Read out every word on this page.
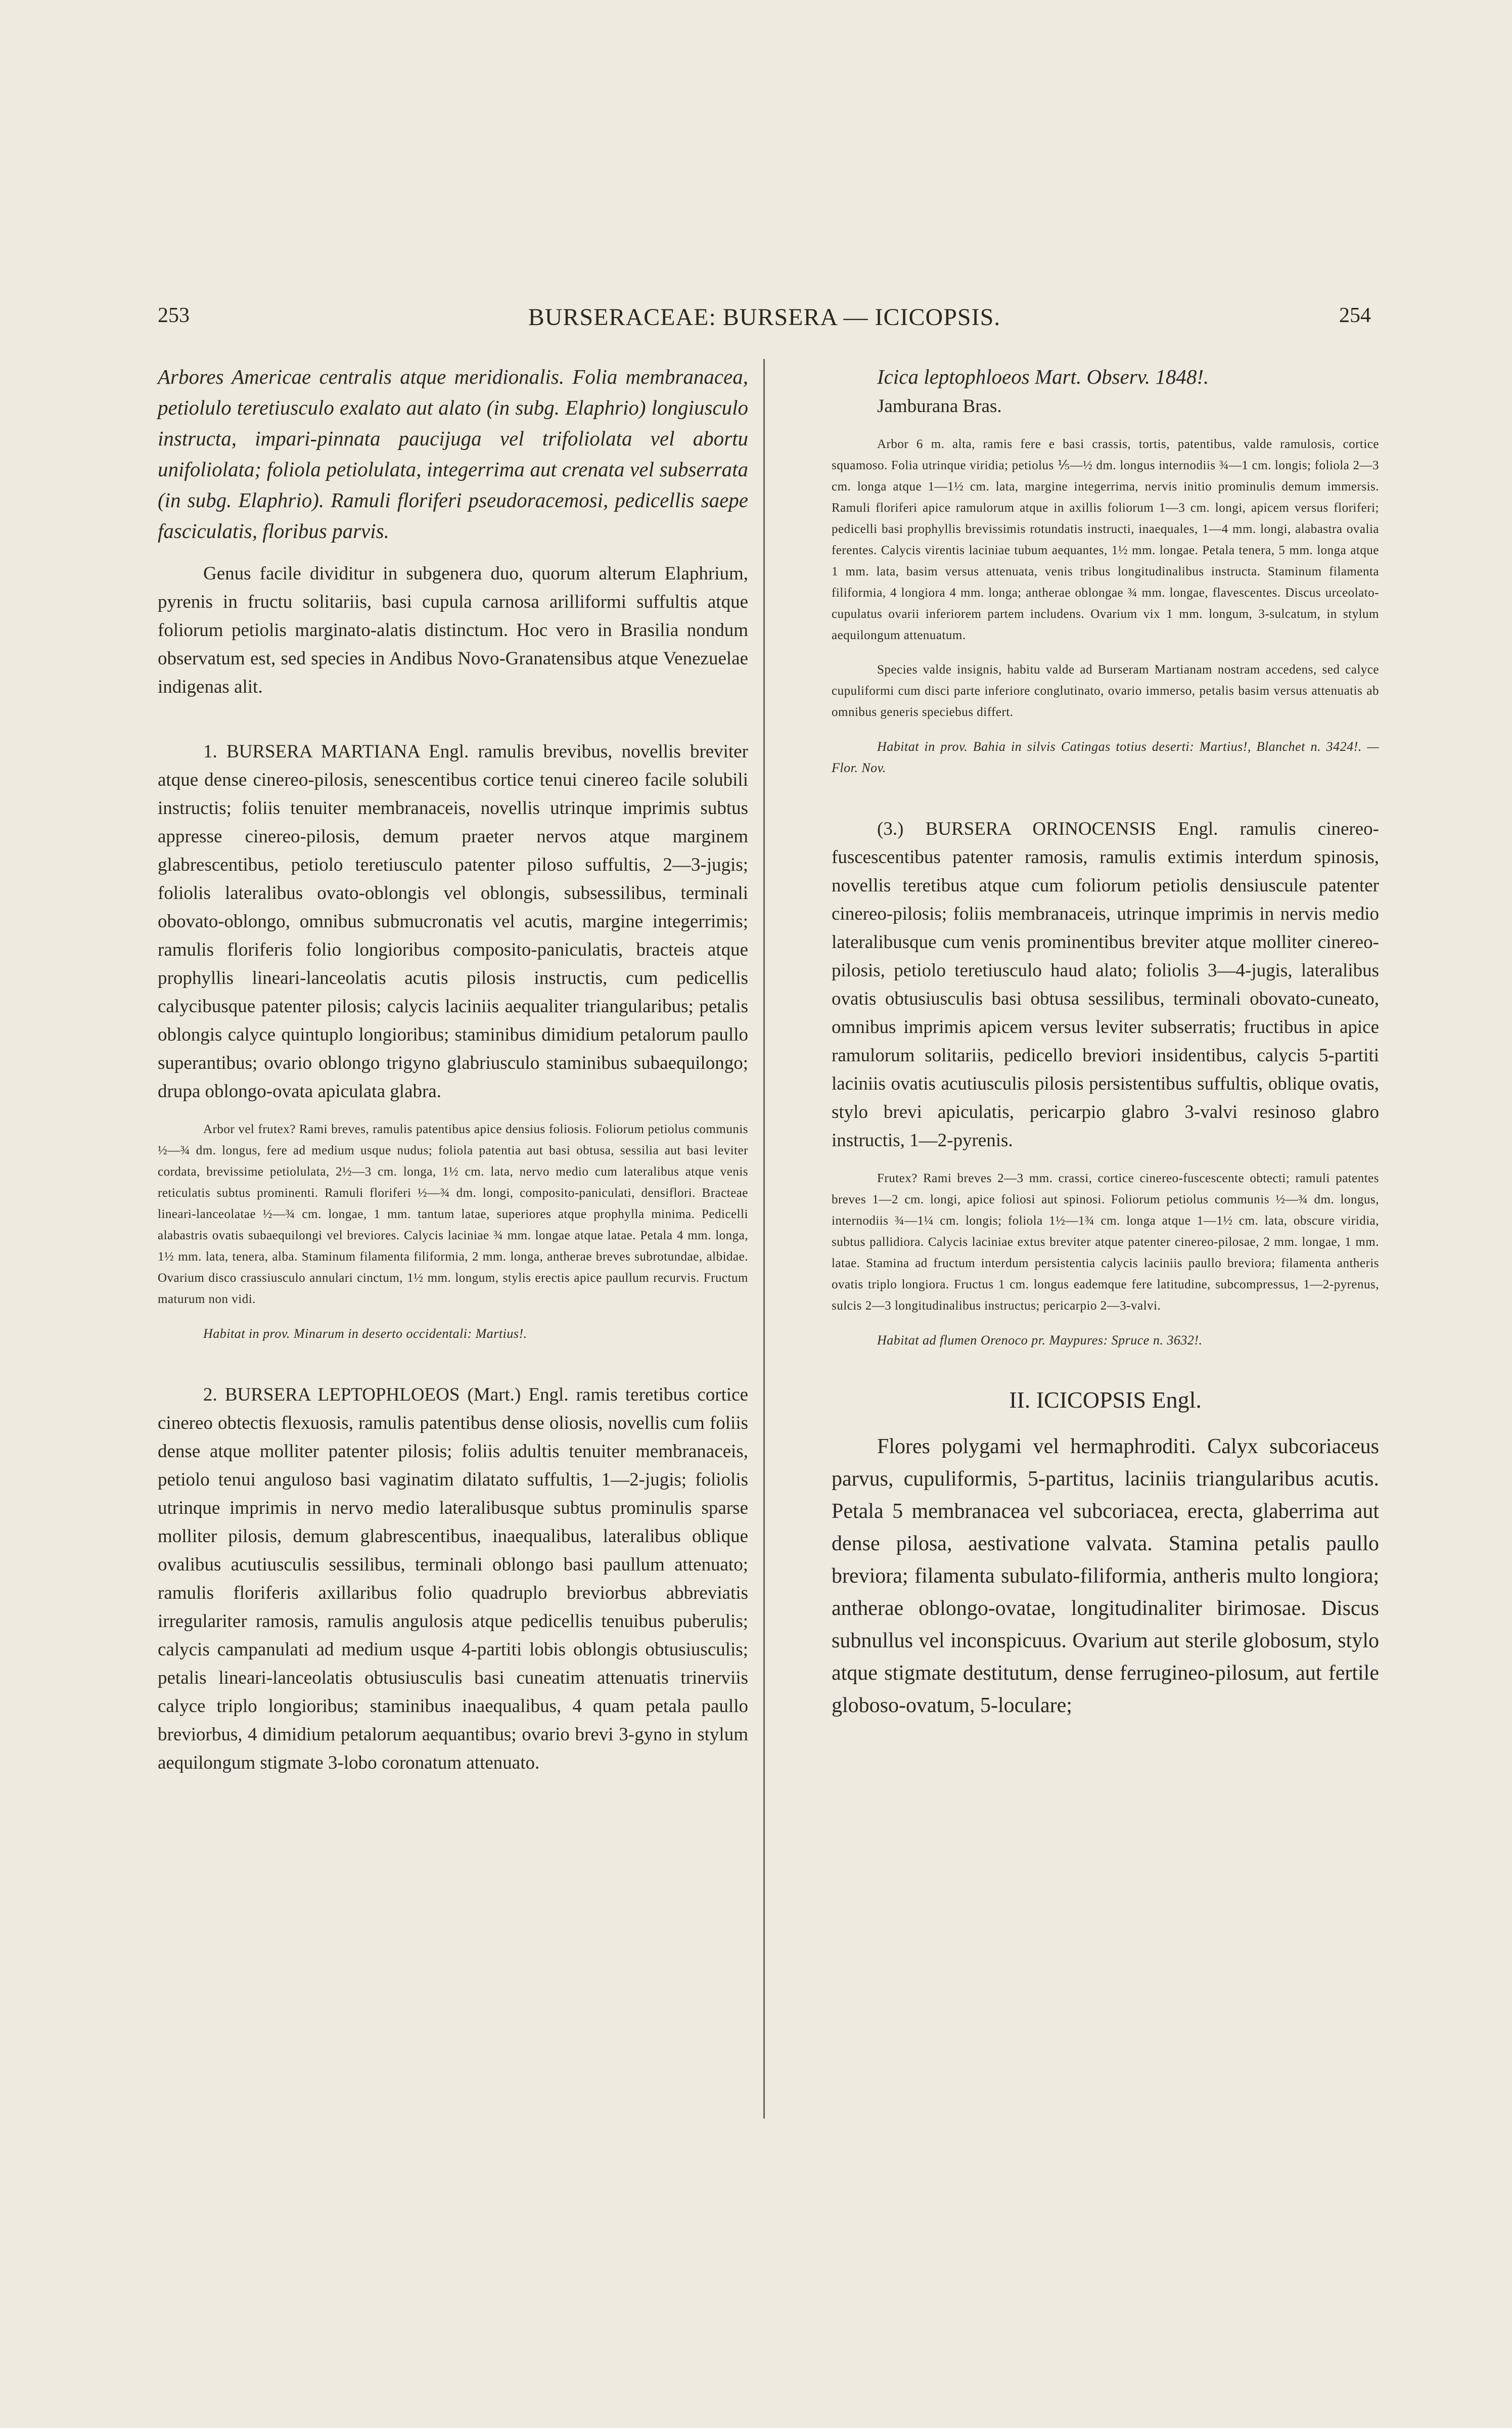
253	BURSERACEAE: BURSERA — ICICOPSIS.	254

Arbores Americae centralis atque meridionalis. Folia membranacea, petiolulo teretiusculo exalato aut alato (in subg. Elaphrio) longiusculo instructa, impari-pinnata paucijuga vel trifoliolata vel abortu unifoliolata; foliola petiolulata, integerrima aut crenata vel subserrata (in subg. Elaphrio). Ramuli floriferi pseudoracemosi, pedicellis saepe fasciculatis, floribus parvis.

Genus facile dividitur in subgenera duo, quorum alterum Elaphrium, pyrenis in fructu solitariis, basi cupula carnosa arilliformi suffultis atque foliorum petiolis marginato-alatis distinctum. Hoc vero in Brasilia nondum observatum est, sed species in Andibus Novo-Granatensibus atque Venezuelae indigenas alit.

1. BURSERA MARTIANA Engl. ramulis brevibus, novellis breviter atque dense cinereo-pilosis, senescentibus cortice tenui cinereo facile solubili instructis; foliis tenuiter membranaceis, novellis utrinque imprimis subtus appresse cinereo-pilosis, demum praeter nervos atque marginem glabrescentibus, petiolo teretiusculo patenter piloso suffultis, 2—3-jugis; foliolis lateralibus ovato-oblongis vel oblongis, subsessilibus, terminali obovato-oblongo, omnibus submucronatis vel acutis, margine integerrimis; ramulis floriferis folio longioribus composito-paniculatis, bracteis atque prophyllis lineari-lanceolatis acutis pilosis instructis, cum pedicellis calycibusque patenter pilosis; calycis laciniis aequaliter triangularibus; petalis oblongis calyce quintuplo longioribus; staminibus dimidium petalorum paullo superantibus; ovario oblongo trigyno glabriusculo staminibus subaequilongo; drupa oblongo-ovata apiculata glabra.

Arbor vel frutex? Rami breves, ramulis patentibus apice densius foliosis. Foliorum petiolus communis ½—¾ dm. longus, fere ad medium usque nudus; foliola patentia aut basi obtusa, sessilia aut basi leviter cordata, brevissime petiolulata, 2½—3 cm. longa, 1½ cm. lata, nervo medio cum lateralibus atque venis reticulatis subtus prominenti. Ramuli floriferi ½—¾ dm. longi, composito-paniculati, densiflori. Bracteae lineari-lanceolatae ½—¾ cm. longae, 1 mm. tantum latae, superiores atque prophylla minima. Pedicelli alabastris ovatis subaequilongi vel breviores. Calycis laciniae ¾ mm. longae atque latae. Petala 4 mm. longa, 1½ mm. lata, tenera, alba. Staminum filamenta filiformia, 2 mm. longa, antherae breves subrotundae, albidae. Ovarium disco crassiusculo annulari cinctum, 1½ mm. longum, stylis erectis apice paullum recurvis. Fructum maturum non vidi.

Habitat in prov. Minarum in deserto occidentali: Martius!.

2. BURSERA LEPTOPHLOEOS (Mart.) Engl. ramis teretibus cortice cinereo obtectis flexuosis, ramulis patentibus dense oliosis, novellis cum foliis dense atque molliter patenter pilosis; foliis adultis tenuiter membranaceis, petiolo tenui anguloso basi vaginatim dilatato suffultis, 1—2-jugis; foliolis utrinque imprimis in nervo medio lateralibusque subtus prominulis sparse molliter pilosis, demum glabrescentibus, inaequalibus, lateralibus oblique ovalibus acutiusculis sessilibus, terminali oblongo basi paullum attenuato; ramulis floriferis axillaribus folio quadruplo breviorbus abbreviatis irregulariter ramosis, ramulis angulosis atque pedicellis tenuibus puberulis; calycis campanulati ad medium usque 4-partiti lobis oblongis obtusiusculis; petalis lineari-lanceolatis obtusiusculis basi cuneatim attenuatis trinerviis calyce triplo longioribus; staminibus inaequalibus, 4 quam petala paullo breviorbus, 4 dimidium petalorum aequantibus; ovario brevi 3-gyno in stylum aequilongum stigmate 3-lobo coronatum attenuato.

Icica leptophloeos Mart. Observ. 1848!.

Jamburana Bras.

Arbor 6 m. alta, ramis fere e basi crassis, tortis, patentibus, valde ramulosis, cortice squamoso. Folia utrinque viridia; petiolus ⅕—½ dm. longus internodiis ¾—1 cm. longis; foliola 2—3 cm. longa atque 1—1½ cm. lata, margine integerrima, nervis initio prominulis demum immersis. Ramuli floriferi apice ramulorum atque in axillis foliorum 1—3 cm. longi, apicem versus floriferi; pedicelli basi prophyllis brevissimis rotundatis instructi, inaequales, 1—4 mm. longi, alabastra ovalia ferentes. Calycis virentis laciniae tubum aequantes, 1½ mm. longae. Petala tenera, 5 mm. longa atque 1 mm. lata, basim versus attenuata, venis tribus longitudinalibus instructa. Staminum filamenta filiformia, 4 longiora 4 mm. longa; antherae oblongae ¾ mm. longae, flavescentes. Discus urceolato-cupulatus ovarii inferiorem partem includens. Ovarium vix 1 mm. longum, 3-sulcatum, in stylum aequilongum attenuatum.

Species valde insignis, habitu valde ad Burseram Martianam nostram accedens, sed calyce cupuliformi cum disci parte inferiore conglutinato, ovario immerso, petalis basim versus attenuatis ab omnibus generis speciebus differt.

Habitat in prov. Bahia in silvis Catingas totius deserti: Martius!, Blanchet n. 3424!. — Flor. Nov.

(3.) BURSERA ORINOCENSIS Engl. ramulis cinereo-fuscescentibus patenter ramosis, ramulis extimis interdum spinosis, novellis teretibus atque cum foliorum petiolis densiuscule patenter cinereo-pilosis; foliis membranaceis, utrinque imprimis in nervis medio lateralibusque cum venis prominentibus breviter atque molliter cinereo-pilosis, petiolo teretiusculo haud alato; foliolis 3—4-jugis, lateralibus ovatis obtusiusculis basi obtusa sessilibus, terminali obovato-cuneato, omnibus imprimis apicem versus leviter subserratis; fructibus in apice ramulorum solitariis, pedicello breviori insidentibus, calycis 5-partiti laciniis ovatis acutiusculis pilosis persistentibus suffultis, oblique ovatis, stylo brevi apiculatis, pericarpio glabro 3-valvi resinoso glabro instructis, 1—2-pyrenis.

Frutex? Rami breves 2—3 mm. crassi, cortice cinereo-fuscescente obtecti; ramuli patentes breves 1—2 cm. longi, apice foliosi aut spinosi. Foliorum petiolus communis ½—¾ dm. longus, internodiis ¾—1¼ cm. longis; foliola 1½—1¾ cm. longa atque 1—1½ cm. lata, obscure viridia, subtus pallidiora. Calycis laciniae extus breviter atque patenter cinereo-pilosae, 2 mm. longae, 1 mm. latae. Stamina ad fructum interdum persistentia calycis laciniis paullo breviora; filamenta antheris ovatis triplo longiora. Fructus 1 cm. longus eademque fere latitudine, subcompressus, 1—2-pyrenus, sulcis 2—3 longitudinalibus instructus; pericarpio 2—3-valvi.

Habitat ad flumen Orenoco pr. Maypures: Spruce n. 3632!.

II. ICICOPSIS Engl.

Flores polygami vel hermaphroditi. Calyx subcoriaceus parvus, cupuliformis, 5-partitus, laciniis triangularibus acutis. Petala 5 membranacea vel subcoriacea, erecta, glaberrima aut dense pilosa, aestivatione valvata. Stamina petalis paullo breviora; filamenta subulato-filiformia, antheris multo longiora; antherae oblongo-ovatae, longitudinaliter birimosae. Discus subnullus vel inconspicuus. Ovarium aut sterile globosum, stylo atque stigmate destitutum, dense ferrugineo-pilosum, aut fertile globoso-ovatum, 5-loculare;
